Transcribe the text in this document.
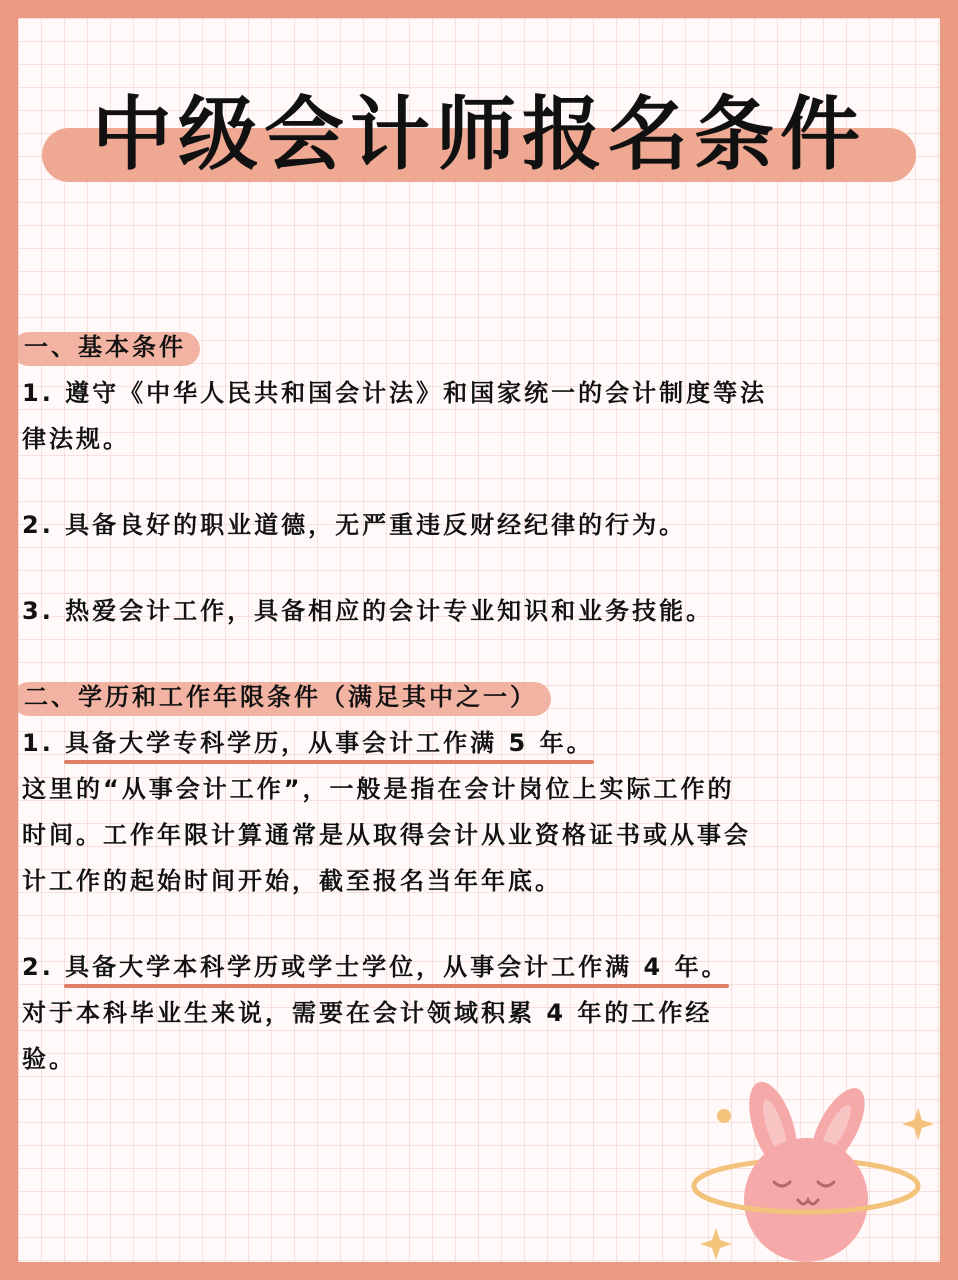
中级会计师报名条件
一、基本条件

1. 遵守《中华人民共和国会计法》和国家统一的会计制度等法

律法规。

2. 具备良好的职业道德，无严重违反财经纪律的行为。

3. 热爱会计工作，具备相应的会计专业知识和业务技能。

二、学历和工作年限条件（满足其中之一）
1. 具备大学专科学历，从事会计工作满 5 年。

这里的“从事会计工作”，一般是指在会计岗位上实际工作的

时间。工作年限计算通常是从取得会计从业资格证书或从事会

计工作的起始时间开始，截至报名当年年底。

2. 具备大学本科学历或学士学位，从事会计工作满 4 年。

对于本科毕业生来说，需要在会计领域积累 4 年的工作经

验。
